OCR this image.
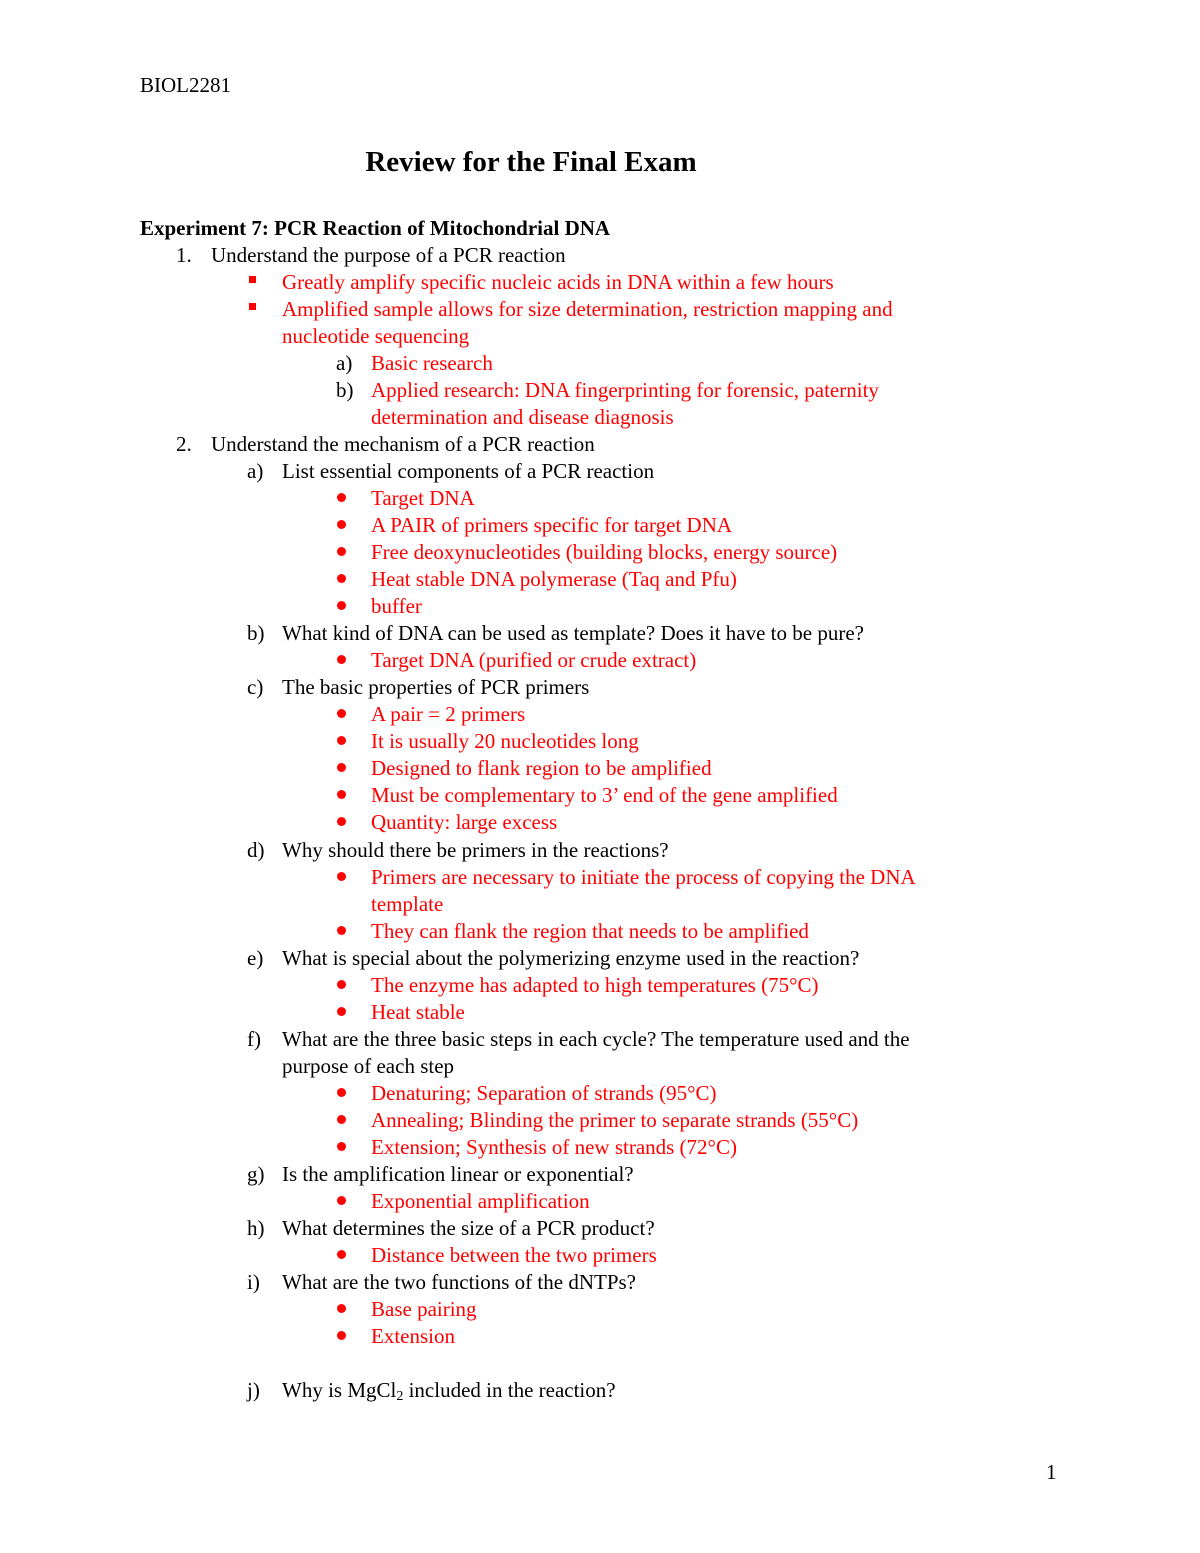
BIOL2281
Review for the Final Exam
Experiment 7: PCR Reaction of Mitochondrial DNA
1. Understand the purpose of a PCR reaction
Greatly amplify specific nucleic acids in DNA within a few hours
Amplified sample allows for size determination, restriction mapping and
nucleotide sequencing
a) Basic research
b) Applied research: DNA fingerprinting for forensic, paternity
determination and disease diagnosis
2. Understand the mechanism of a PCR reaction
a) List essential components of a PCR reaction
Target DNA
A PAIR of primers specific for target DNA
Free deoxynucleotides (building blocks, energy source)
Heat stable DNA polymerase (Taq and Pfu)
buffer
b) What kind of DNA can be used as template? Does it have to be pure?
Target DNA (purified or crude extract)
c) The basic properties of PCR primers
A pair = 2 primers
It is usually 20 nucleotides long
Designed to flank region to be amplified
Must be complementary to 3’ end of the gene amplified
Quantity: large excess
d) Why should there be primers in the reactions?
Primers are necessary to initiate the process of copying the DNA
template
They can flank the region that needs to be amplified
e) What is special about the polymerizing enzyme used in the reaction?
The enzyme has adapted to high temperatures (75°C)
Heat stable
f) What are the three basic steps in each cycle? The temperature used and the
purpose of each step
Denaturing; Separation of strands (95°C)
Annealing; Blinding the primer to separate strands (55°C)
Extension; Synthesis of new strands (72°C)
g) Is the amplification linear or exponential?
Exponential amplification
h) What determines the size of a PCR product?
Distance between the two primers
i) What are the two functions of the dNTPs?
Base pairing
Extension
j) Why is MgCl$_2$ included in the reaction?
1
